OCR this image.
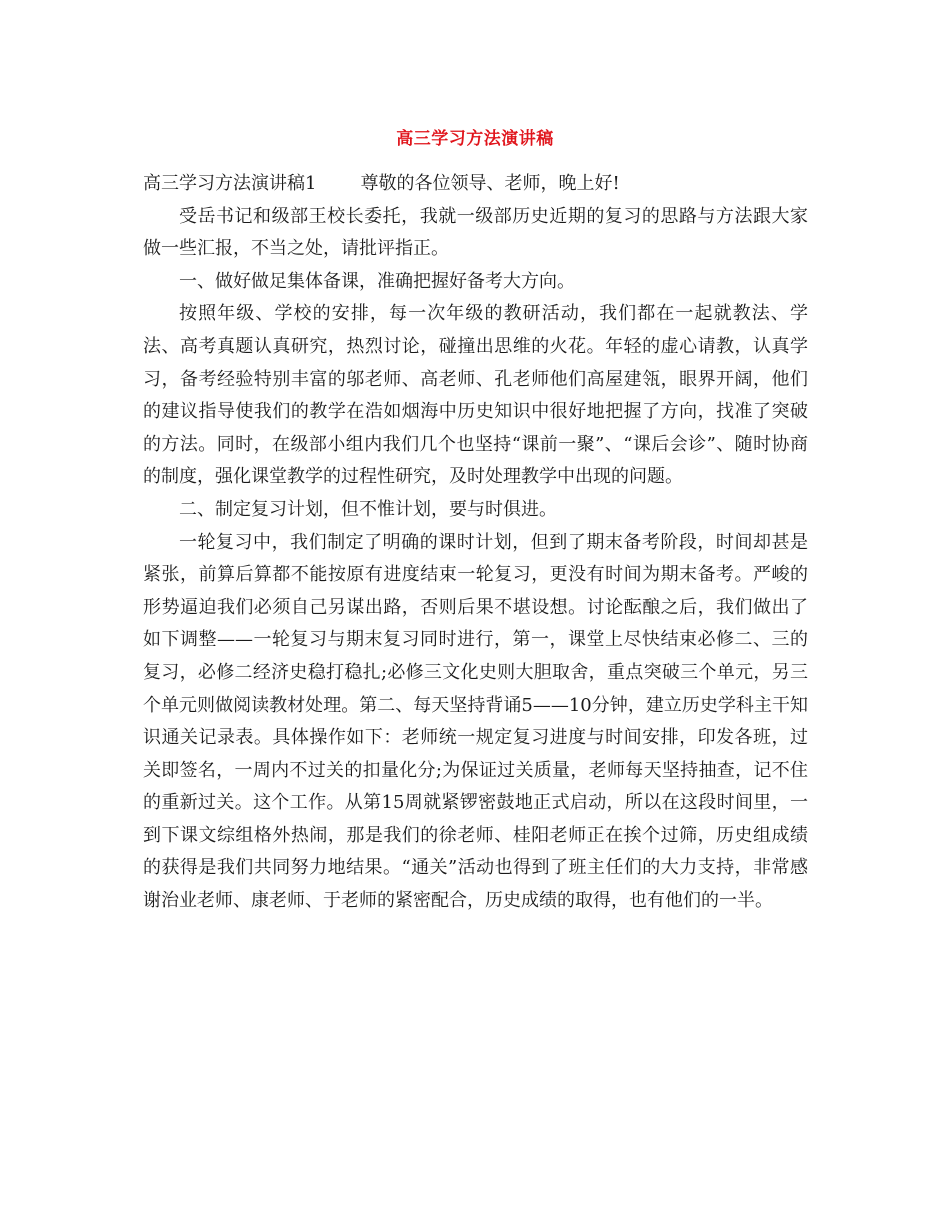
高三学习方法演讲稿

高三学习方法演讲稿1 尊敬的各位领导、老师，晚上好!

受岳书记和级部王校长委托，我就一级部历史近期的复习的思路与方法跟大家做一些汇报，不当之处，请批评指正。

一、做好做足集体备课，准确把握好备考大方向。

按照年级、学校的安排，每一次年级的教研活动，我们都在一起就教法、学法、高考真题认真研究，热烈讨论，碰撞出思维的火花。年轻的虚心请教，认真学习，备考经验特别丰富的邬老师、高老师、孔老师他们高屋建瓴，眼界开阔，他们的建议指导使我们的教学在浩如烟海中历史知识中很好地把握了方向，找准了突破的方法。同时，在级部小组内我们几个也坚持“课前一聚”、“课后会诊”、随时协商的制度，强化课堂教学的过程性研究，及时处理教学中出现的问题。

二、制定复习计划，但不惟计划，要与时俱进。

一轮复习中，我们制定了明确的课时计划，但到了期末备考阶段，时间却甚是紧张，前算后算都不能按原有进度结束一轮复习，更没有时间为期末备考。严峻的形势逼迫我们必须自己另谋出路，否则后果不堪设想。讨论酝酿之后，我们做出了如下调整——一轮复习与期末复习同时进行，第一，课堂上尽快结束必修二、三的复习，必修二经济史稳打稳扎;必修三文化史则大胆取舍，重点突破三个单元，另三个单元则做阅读教材处理。第二、每天坚持背诵5——10分钟，建立历史学科主干知识通关记录表。具体操作如下：老师统一规定复习进度与时间安排，印发各班，过关即签名，一周内不过关的扣量化分;为保证过关质量，老师每天坚持抽查，记不住的重新过关。这个工作。从第15周就紧锣密鼓地正式启动，所以在这段时间里，一到下课文综组格外热闹，那是我们的徐老师、桂阳老师正在挨个过筛，历史组成绩的获得是我们共同努力地结果。“通关”活动也得到了班主任们的大力支持，非常感谢治业老师、康老师、于老师的紧密配合，历史成绩的取得，也有他们的一半。
